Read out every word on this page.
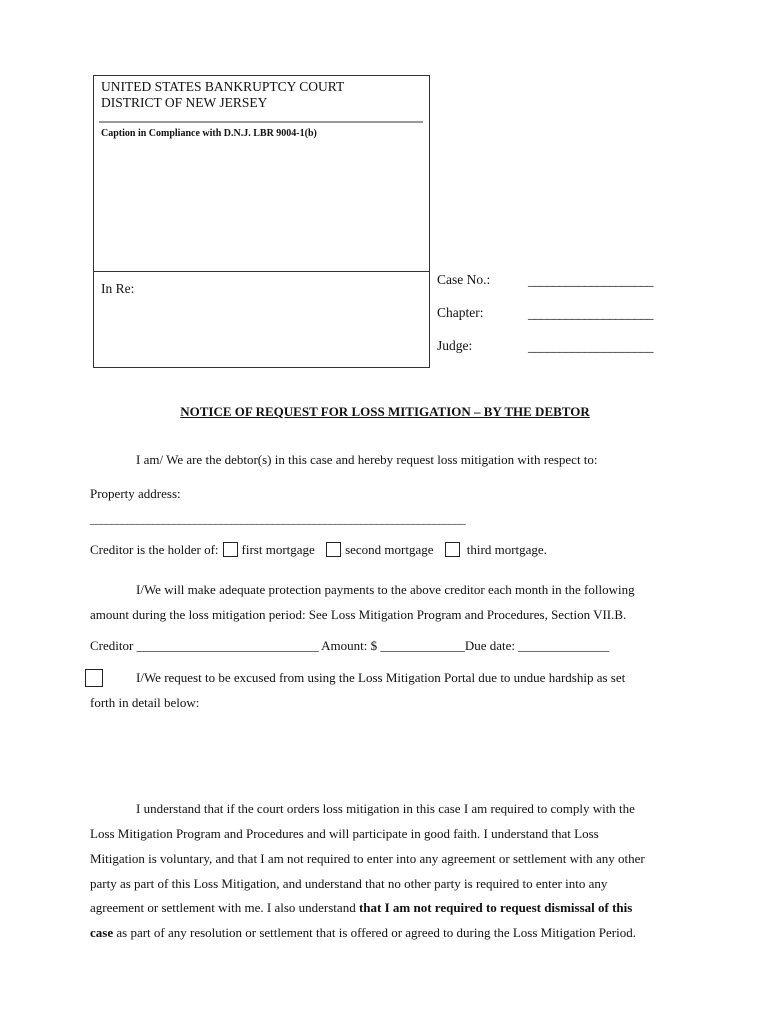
UNITED STATES BANKRUPTCY COURT
DISTRICT OF NEW JERSEY
Caption in Compliance with D.N.J. LBR 9004-1(b)
In Re:
Case No.:	____________________
Chapter:	____________________
Judge:	____________________
NOTICE OF REQUEST FOR LOSS MITIGATION – BY THE DEBTOR
I am/ We are the debtor(s) in this case and hereby request loss mitigation with respect to:
Property address:
________________________________________________________________________
Creditor is the holder of: first mortgage second mortgage	third mortgage.
I/We will make adequate protection payments to the above creditor each month in the following
amount during the loss mitigation period: See Loss Mitigation Program and Procedures, Section VII.B.
Creditor ____________________________ Amount: $ _____________Due date: ______________
I/We request to be excused from using the Loss Mitigation Portal due to undue hardship as set
forth in detail below:
I understand that if the court orders loss mitigation in this case I am required to comply with the
Loss Mitigation Program and Procedures and will participate in good faith. I understand that Loss
Mitigation is voluntary, and that I am not required to enter into any agreement or settlement with any other
party as part of this Loss Mitigation, and understand that no other party is required to enter into any
agreement or settlement with me. I also understand that I am not required to request dismissal of this
case as part of any resolution or settlement that is offered or agreed to during the Loss Mitigation Period.
